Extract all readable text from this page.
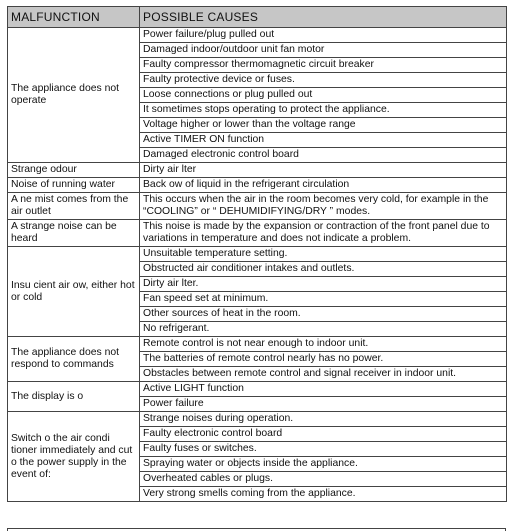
MALFUNCTION	POSSIBLE CAUSES
The appliance does not operate	Power failure/plug pulled out
	Damaged indoor/outdoor unit fan motor
	Faulty compressor thermomagnetic circuit breaker
	Faulty protective device or fuses.
	Loose connections or plug pulled out
	It sometimes stops operating to protect the appliance.
	Voltage higher or lower than the voltage range
	Active TIMER ON function
	Damaged electronic control board
Strange odour	Dirty air lter
Noise of running water	Back ow of liquid in the refrigerant circulation
A ne mist comes from the air outlet	This occurs when the air in the room becomes very cold, for example in the “COOLING” or “ DEHUMIDIFYING/DRY ” modes.
A strange noise can be heard	This noise is made by the expansion or contraction of the front panel due to variations in temperature and does not indicate a problem.
Insu cient air ow, either hot or cold	Unsuitable temperature setting.
	Obstructed air conditioner intakes and outlets.
	Dirty air lter.
	Fan speed set at minimum.
	Other sources of heat in the room.
	No refrigerant.
The appliance does not respond to commands	Remote control is not near enough to indoor unit.
	The batteries of remote control nearly has no power.
	Obstacles between remote control and signal receiver in indoor unit.
The display is o	Active LIGHT function
	Power failure
Switch o the air condi tioner immediately and cut o the power supply in the event of:	Strange noises during operation.
	Faulty electronic control board
	Faulty fuses or switches.
	Spraying water or objects inside the appliance.
	Overheated cables or plugs.
	Very strong smells coming from the appliance.
